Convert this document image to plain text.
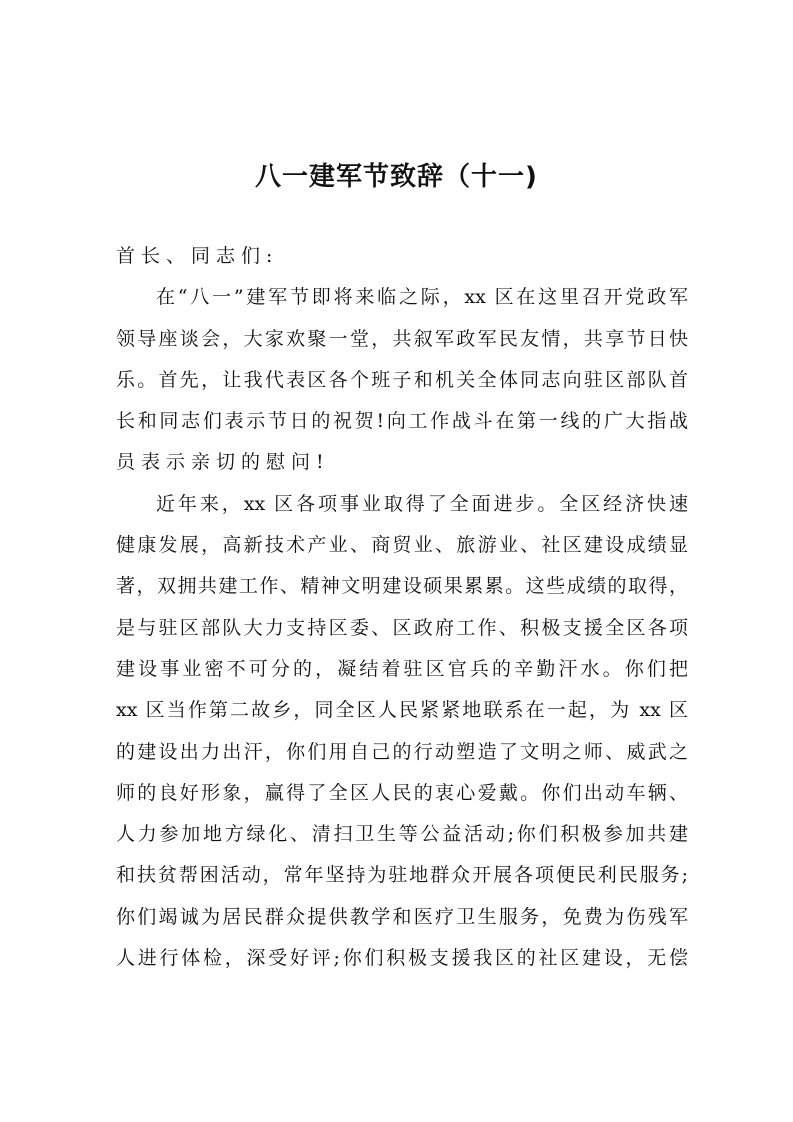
八一建军节致辞（十一)
首长、同志们:
在“八一”建军节即将来临之际，xx 区在这里召开党政军
领导座谈会，大家欢聚一堂，共叙军政军民友情，共享节日快
乐。首先，让我代表区各个班子和机关全体同志向驻区部队首
长和同志们表示节日的祝贺!向工作战斗在第一线的广大指战
员表示亲切的慰问!
近年来，xx 区各项事业取得了全面进步。全区经济快速
健康发展，高新技术产业、商贸业、旅游业、社区建设成绩显
著，双拥共建工作、精神文明建设硕果累累。这些成绩的取得，
是与驻区部队大力支持区委、区政府工作、积极支援全区各项
建设事业密不可分的，凝结着驻区官兵的辛勤汗水。你们把
xx 区当作第二故乡，同全区人民紧紧地联系在一起，为 xx 区
的建设出力出汗，你们用自己的行动塑造了文明之师、威武之
师的良好形象，赢得了全区人民的衷心爱戴。你们出动车辆、
人力参加地方绿化、清扫卫生等公益活动;你们积极参加共建
和扶贫帮困活动，常年坚持为驻地群众开展各项便民利民服务;
你们竭诚为居民群众提供教学和医疗卫生服务，免费为伤残军
人进行体检，深受好评;你们积极支援我区的社区建设，无偿
